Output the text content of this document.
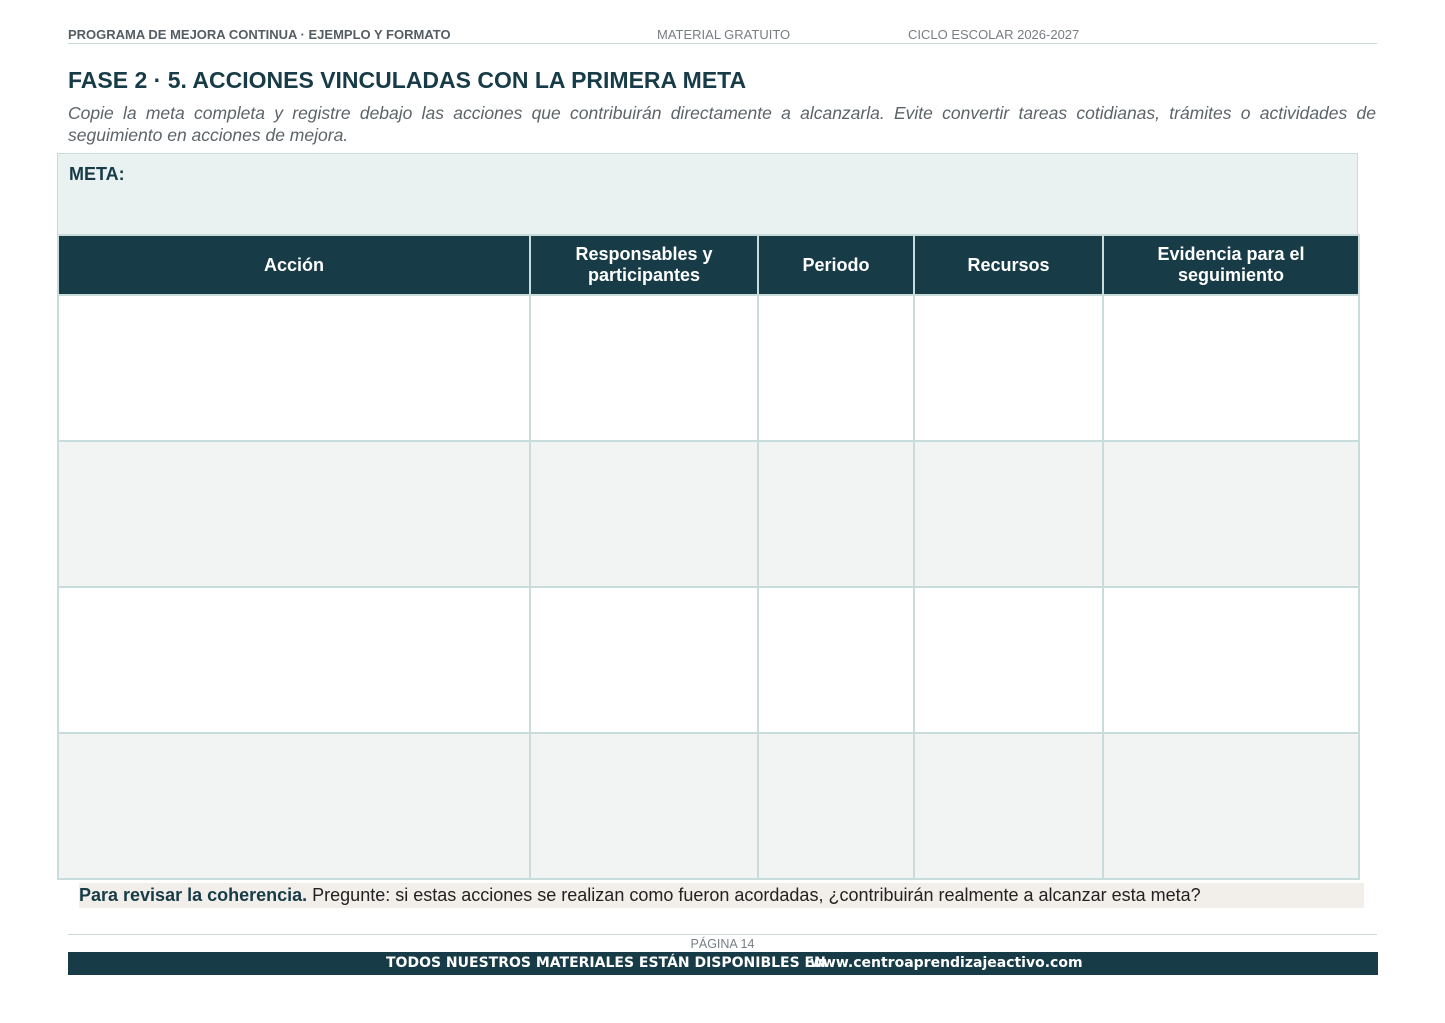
PROGRAMA DE MEJORA CONTINUA · EJEMPLO Y FORMATO	MATERIAL GRATUITO	CICLO ESCOLAR 2026-2027
FASE 2 · 5. ACCIONES VINCULADAS CON LA PRIMERA META

Copie la meta completa y registre debajo las acciones que contribuirán directamente a alcanzarla. Evite convertir tareas cotidianas, trámites o actividades de seguimiento en acciones de mejora.

META:
Acción	Responsables y participantes	Periodo	Recursos	Evidencia para el seguimiento

Para revisar la coherencia. Pregunte: si estas acciones se realizan como fueron acordadas, ¿contribuirán realmente a alcanzar esta meta?
PÁGINA 14
TODOS NUESTROS MATERIALES ESTÁN DISPONIBLES EN
www.centroaprendizajeactivo.com
